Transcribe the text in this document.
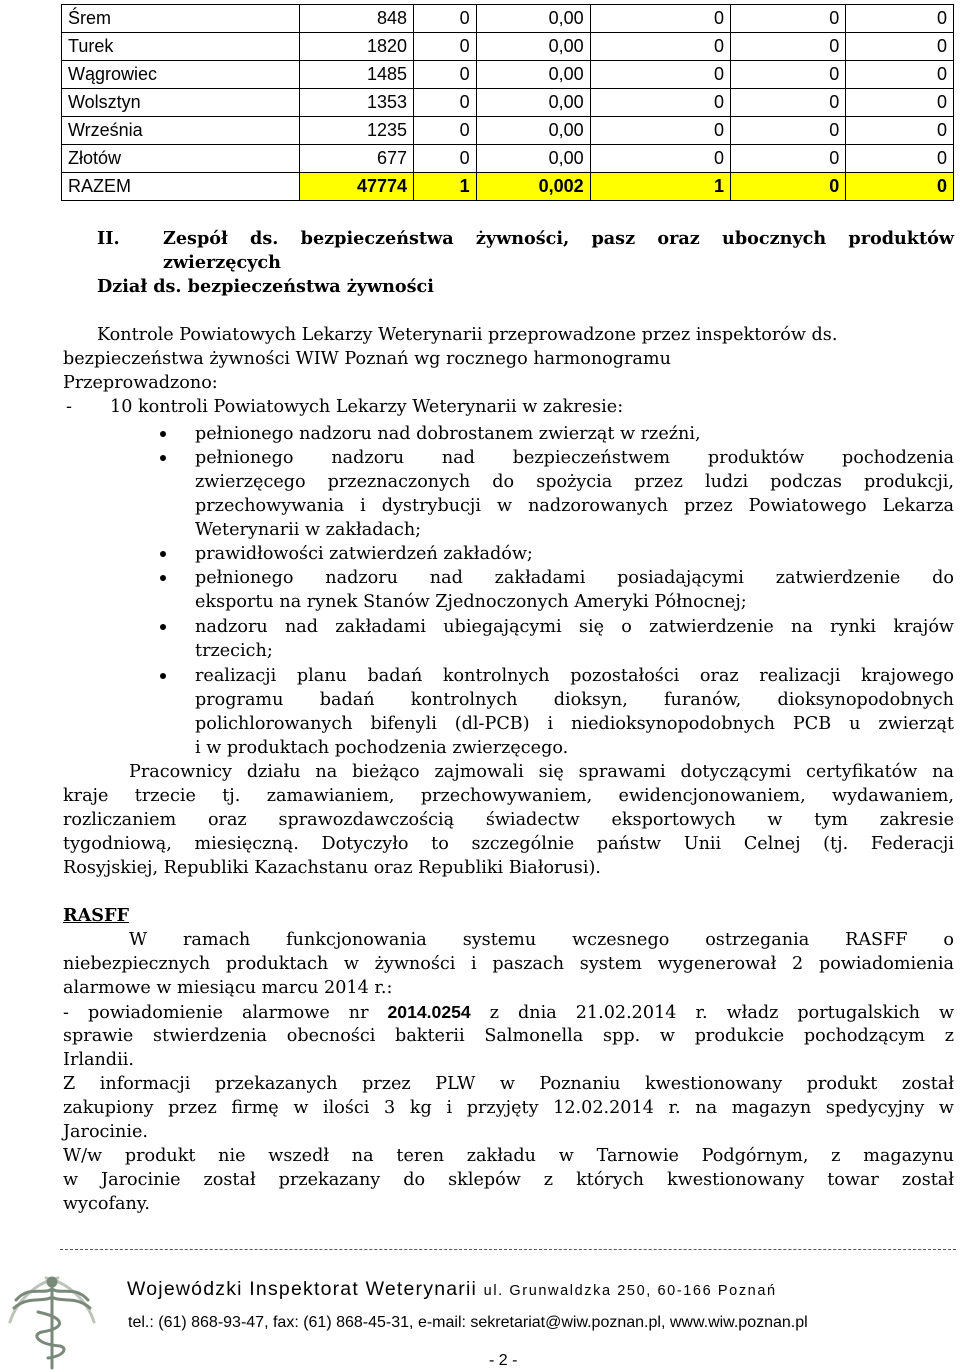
Śrem	848	0	0,00	0	0	0
Turek	1820	0	0,00	0	0	0
Wągrowiec	1485	0	0,00	0	0	0
Wolsztyn	1353	0	0,00	0	0	0
Września	1235	0	0,00	0	0	0
Złotów	677	0	0,00	0	0	0
RAZEM	47774	1	0,002	1	0	0
II. Zespół ds. bezpieczeństwa żywności, pasz oraz ubocznych produktów
zwierzęcych
Dział ds. bezpieczeństwa żywności
Kontrole Powiatowych Lekarzy Weterynarii przeprowadzone przez inspektorów ds.
bezpieczeństwa żywności WIW Poznań wg rocznego harmonogramu
Przeprowadzono:
-	10 kontroli Powiatowych Lekarzy Weterynarii w zakresie:
pełnionego nadzoru nad dobrostanem zwierząt w rzeźni,
pełnionego nadzoru nad bezpieczeństwem produktów pochodzenia
zwierzęcego przeznaczonych do spożycia przez ludzi podczas produkcji,
przechowywania i dystrybucji w nadzorowanych przez Powiatowego Lekarza
Weterynarii w zakładach;
prawidłowości zatwierdzeń zakładów;
pełnionego nadzoru nad zakładami posiadającymi zatwierdzenie do
eksportu na rynek Stanów Zjednoczonych Ameryki Północnej;
nadzoru nad zakładami ubiegającymi się o zatwierdzenie na rynki krajów
trzecich;
realizacji planu badań kontrolnych pozostałości oraz realizacji krajowego
programu badań kontrolnych dioksyn, furanów, dioksynopodobnych
polichlorowanych bifenyli (dl-PCB) i niedioksynopodobnych PCB u zwierząt
i w produktach pochodzenia zwierzęcego.
Pracownicy działu na bieżąco zajmowali się sprawami dotyczącymi certyfikatów na
kraje trzecie tj. zamawianiem, przechowywaniem, ewidencjonowaniem, wydawaniem,
rozliczaniem oraz sprawozdawczością świadectw eksportowych w tym zakresie
tygodniową, miesięczną. Dotyczyło to szczególnie państw Unii Celnej (tj. Federacji
Rosyjskiej, Republiki Kazachstanu oraz Republiki Białorusi).
RASFF
W ramach funkcjonowania systemu wczesnego ostrzegania RASFF o
niebezpiecznych produktach w żywności i paszach system wygenerował 2 powiadomienia
alarmowe w miesiącu marcu 2014 r.:
- powiadomienie alarmowe nr 2014.0254 z dnia 21.02.2014 r. władz portugalskich w
sprawie stwierdzenia obecności bakterii Salmonella spp. w produkcie pochodzącym z
Irlandii.
Z informacji przekazanych przez PLW w Poznaniu kwestionowany produkt został
zakupiony przez firmę w ilości 3 kg i przyjęty 12.02.2014 r. na magazyn spedycyjny w
Jarocinie.
W/w produkt nie wszedł na teren zakładu w Tarnowie Podgórnym, z magazynu
w Jarocinie został przekazany do sklepów z których kwestionowany towar został
wycofany.
Wojewódzki Inspektorat Weterynarii ul. Grunwaldzka 250, 60-166 Poznań
tel.: (61) 868-93-47, fax: (61) 868-45-31, e-mail: sekretariat@wiw.poznan.pl, www.wiw.poznan.pl
- 2 -
